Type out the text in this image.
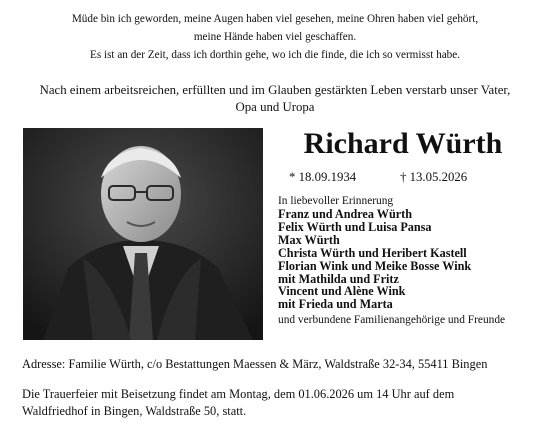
Müde bin ich geworden, meine Augen haben viel gesehen, meine Ohren haben viel gehört,
meine Hände haben viel geschaffen.
Es ist an der Zeit, dass ich dorthin gehe, wo ich die finde, die ich so vermisst habe.
Nach einem arbeitsreichen, erfüllten und im Glauben gestärkten Leben verstarb unser Vater,
Opa und Uropa
Richard Würth
* 18.09.1934	† 13.05.2026
In liebevoller Erinnerung
Franz und Andrea Würth
Felix Würth und Luisa Pansa
Max Würth
Christa Würth und Heribert Kastell
Florian Wink und Meike Bosse Wink
mit Mathilda und Fritz
Vincent und Alène Wink
mit Frieda und Marta
und verbundene Familienangehörige und Freunde
Adresse: Familie Würth, c/o Bestattungen Maessen & März, Waldstraße 32-34, 55411 Bingen
Die Trauerfeier mit Beisetzung findet am Montag, dem 01.06.2026 um 14 Uhr auf dem
Waldfriedhof in Bingen, Waldstraße 50, statt.
